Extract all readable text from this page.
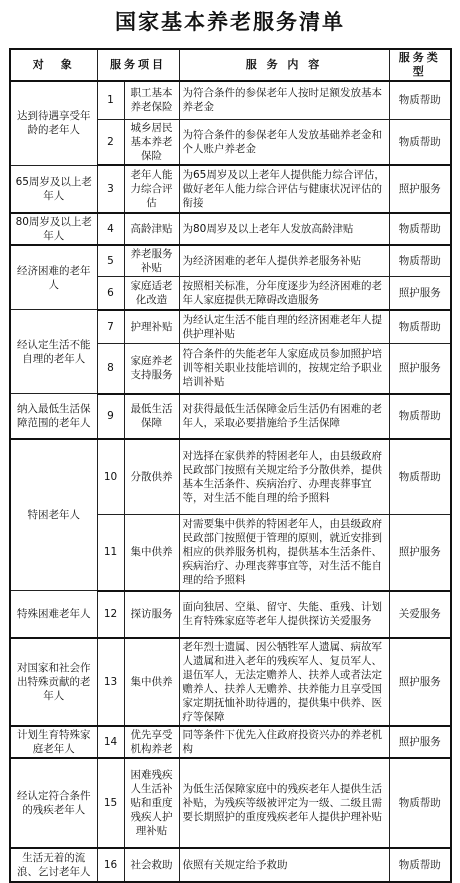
国家基本养老服务清单
对　象	服务项目		服 务 内 容	服务类型
达到待遇享受年龄的老年人	1	职工基本养老保险	为符合条件的参保老年人按时足额发放基本养老金	物质帮助
	2	城乡居民基本养老保险	为符合条件的参保老年人发放基础养老金和个人账户养老金	物质帮助
65周岁及以上老年人	3	老年人能力综合评估	为65周岁及以上老年人提供能力综合评估，做好老年人能力综合评估与健康状况评估的衔接	照护服务
80周岁及以上老年人	4	高龄津贴	为80周岁及以上老年人发放高龄津贴	物质帮助
经济困难的老年人	5	养老服务补贴	为经济困难的老年人提供养老服务补贴	物质帮助
	6	家庭适老化改造	按照相关标准，分年度逐步为经济困难的老年人家庭提供无障碍改造服务	照护服务
经认定生活不能自理的老年人	7	护理补贴	为经认定生活不能自理的经济困难老年人提供护理补贴	物质帮助
	8	家庭养老支持服务	符合条件的失能老年人家庭成员参加照护培训等相关职业技能培训的，按规定给予职业培训补贴	照护服务
纳入最低生活保障范围的老年人	9	最低生活保障	对获得最低生活保障金后生活仍有困难的老年人，采取必要措施给予生活保障	物质帮助
特困老年人	10	分散供养	对选择在家供养的特困老年人，由县级政府民政部门按照有关规定给予分散供养，提供基本生活条件、疾病治疗、办理丧葬事宜等，对生活不能自理的给予照料	物质帮助
	11	集中供养	对需要集中供养的特困老年人，由县级政府民政部门按照便于管理的原则，就近安排到相应的供养服务机构，提供基本生活条件、疾病治疗、办理丧葬事宜等，对生活不能自理的给予照料	照护服务
特殊困难老年人	12	探访服务	面向独居、空巢、留守、失能、重残、计划生育特殊家庭等老年人提供探访关爱服务	关爱服务
对国家和社会作出特殊贡献的老年人	13	集中供养	老年烈士遗属、因公牺牲军人遗属、病故军人遗属和进入老年的残疾军人、复员军人、退伍军人，无法定赡养人、扶养人或者法定赡养人、扶养人无赡养、扶养能力且享受国家定期抚恤补助待遇的，提供集中供养、医疗等保障	照护服务
计划生育特殊家庭老年人	14	优先享受机构养老	同等条件下优先入住政府投资兴办的养老机构	照护服务
经认定符合条件的残疾老年人	15	困难残疾人生活补贴和重度残疾人护理补贴	为低生活保障家庭中的残疾老年人提供生活补贴，为残疾等级被评定为一级、二级且需要长期照护的重度残疾老年人提供护理补贴	物质帮助
生活无着的流浪、乞讨老年人	16	社会救助	依照有关规定给予救助	物质帮助
